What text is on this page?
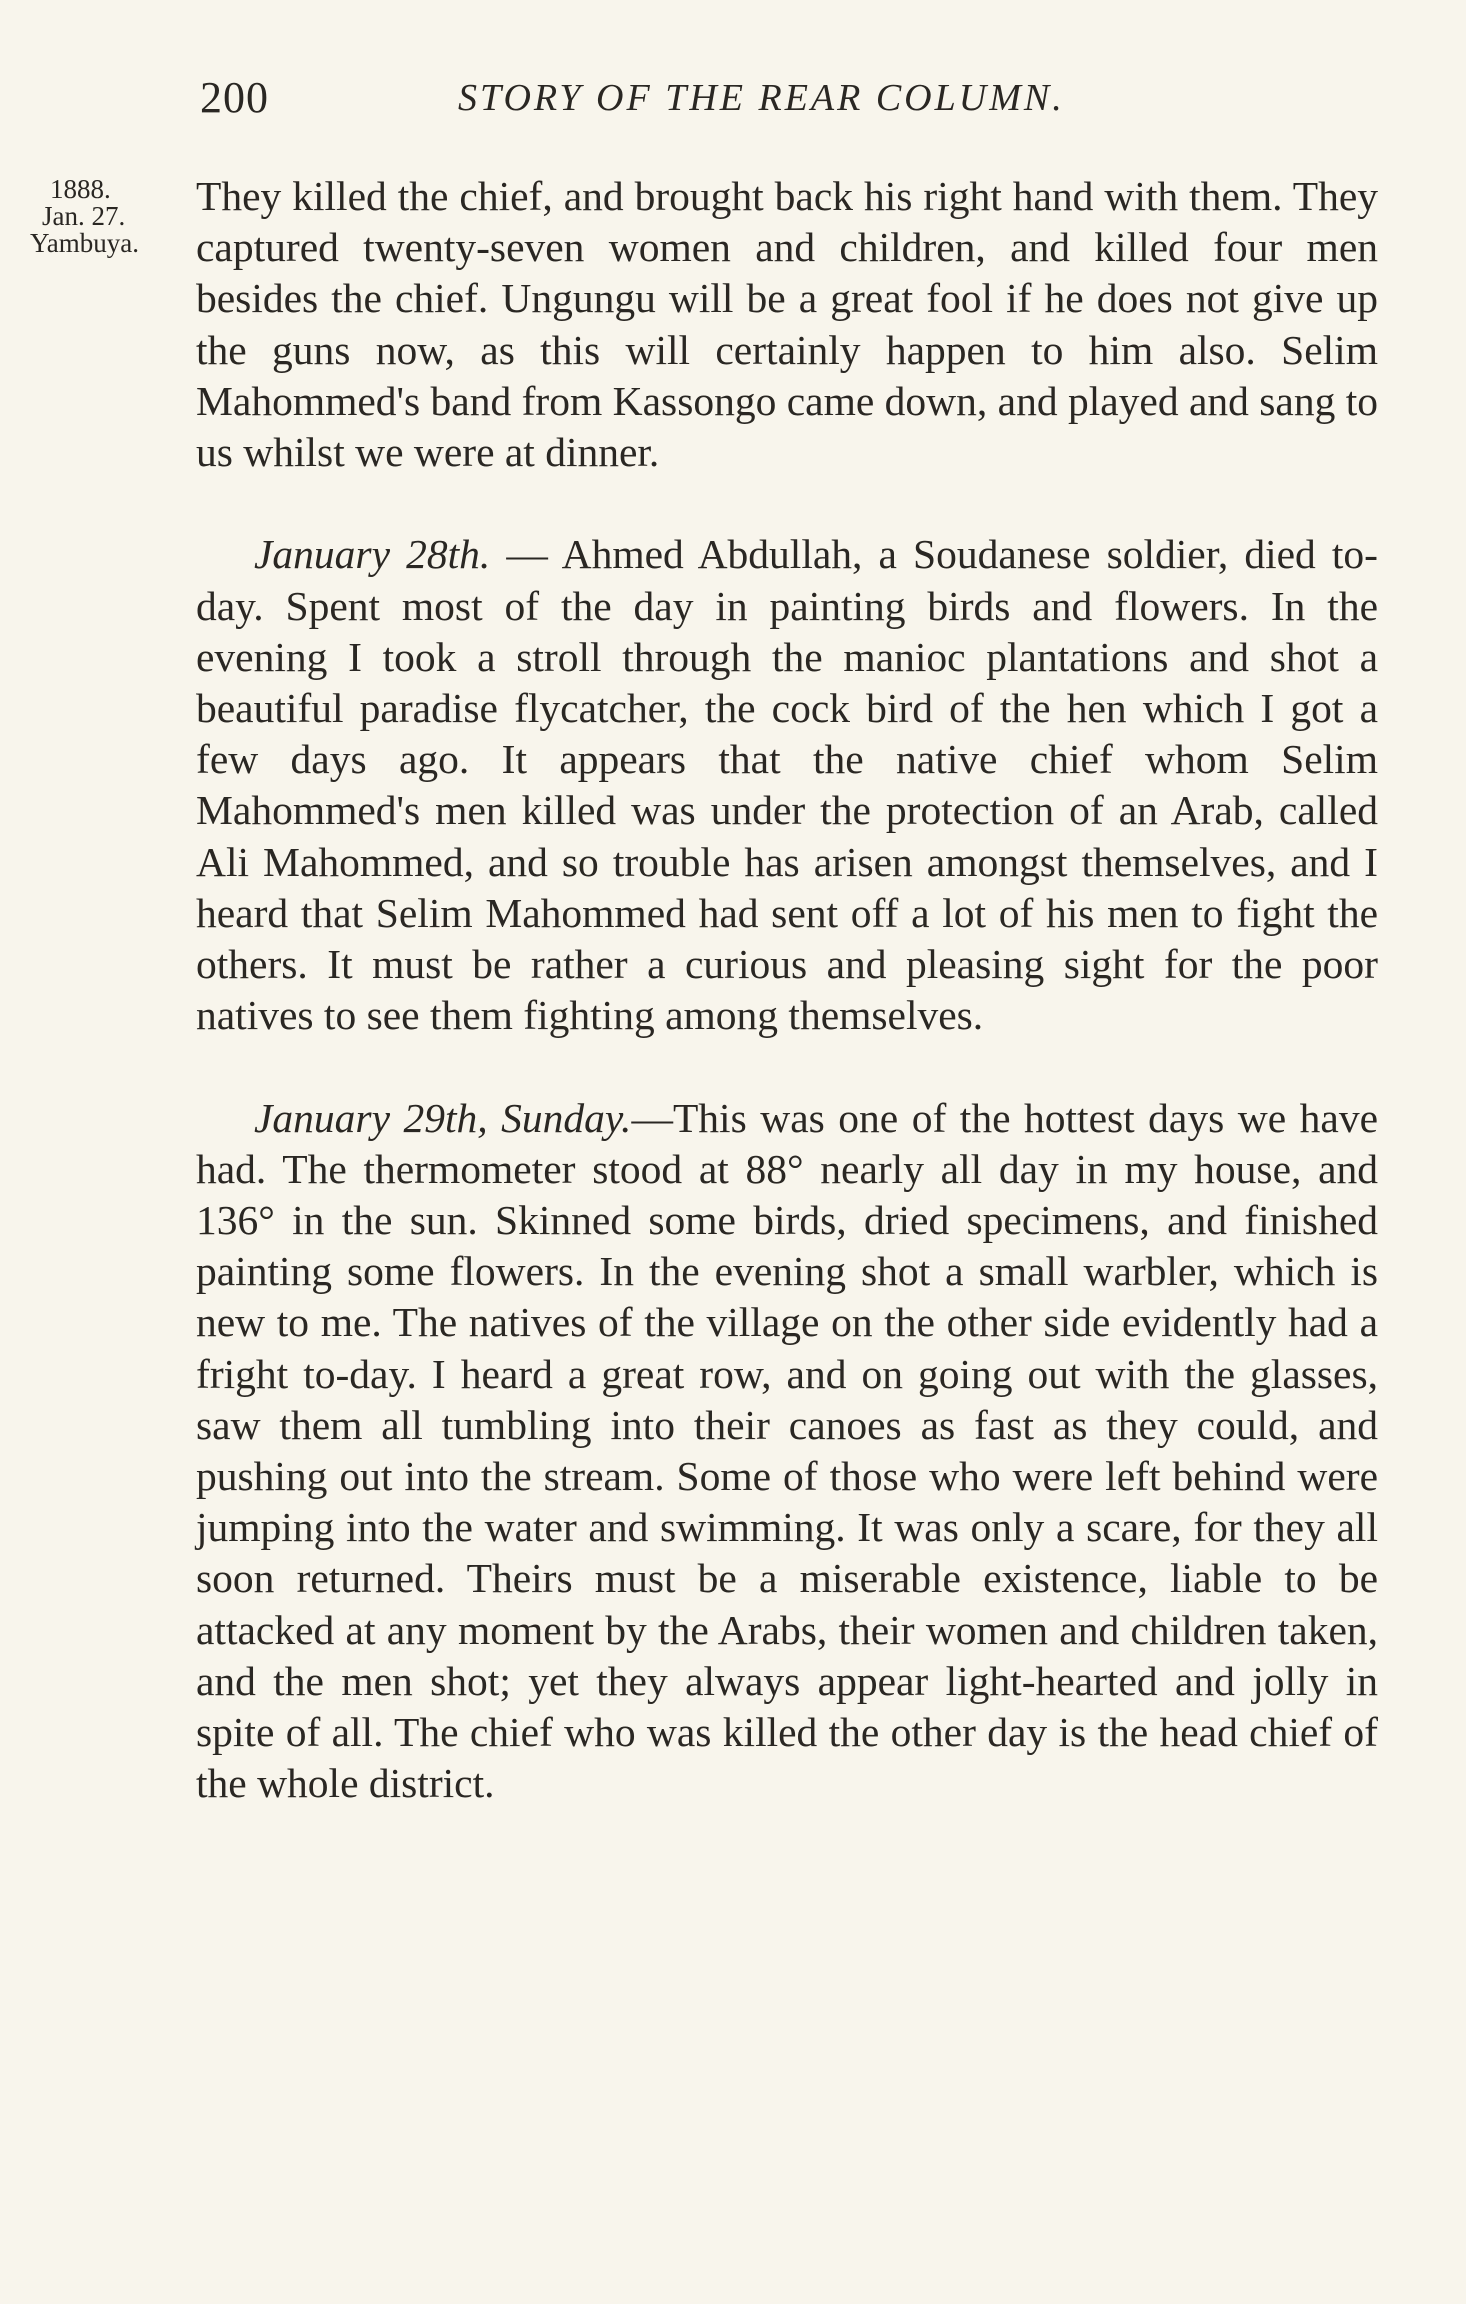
200	STORY OF THE REAR COLUMN.
1888.
Jan. 27.
Yambuya.

They killed the chief, and brought back his right hand with them. They captured twenty-seven women and children, and killed four men besides the chief. Ungungu will be a great fool if he does not give up the guns now, as this will certainly happen to him also. Selim Mahommed's band from Kassongo came down, and played and sang to us whilst we were at dinner.

January 28th. — Ahmed Abdullah, a Soudanese soldier, died to-day. Spent most of the day in painting birds and flowers. In the evening I took a stroll through the manioc plantations and shot a beautiful paradise flycatcher, the cock bird of the hen which I got a few days ago. It appears that the native chief whom Selim Mahommed's men killed was under the protection of an Arab, called Ali Mahommed, and so trouble has arisen amongst themselves, and I heard that Selim Mahommed had sent off a lot of his men to fight the others. It must be rather a curious and pleasing sight for the poor natives to see them fighting among themselves.

January 29th, Sunday.—This was one of the hottest days we have had. The thermometer stood at 88° nearly all day in my house, and 136° in the sun. Skinned some birds, dried specimens, and finished painting some flowers. In the evening shot a small warbler, which is new to me. The natives of the village on the other side evidently had a fright to-day. I heard a great row, and on going out with the glasses, saw them all tumbling into their canoes as fast as they could, and pushing out into the stream. Some of those who were left behind were jumping into the water and swimming. It was only a scare, for they all soon returned. Theirs must be a miserable existence, liable to be attacked at any moment by the Arabs, their women and children taken, and the men shot; yet they always appear light-hearted and jolly in spite of all. The chief who was killed the other day is the head chief of the whole district.
